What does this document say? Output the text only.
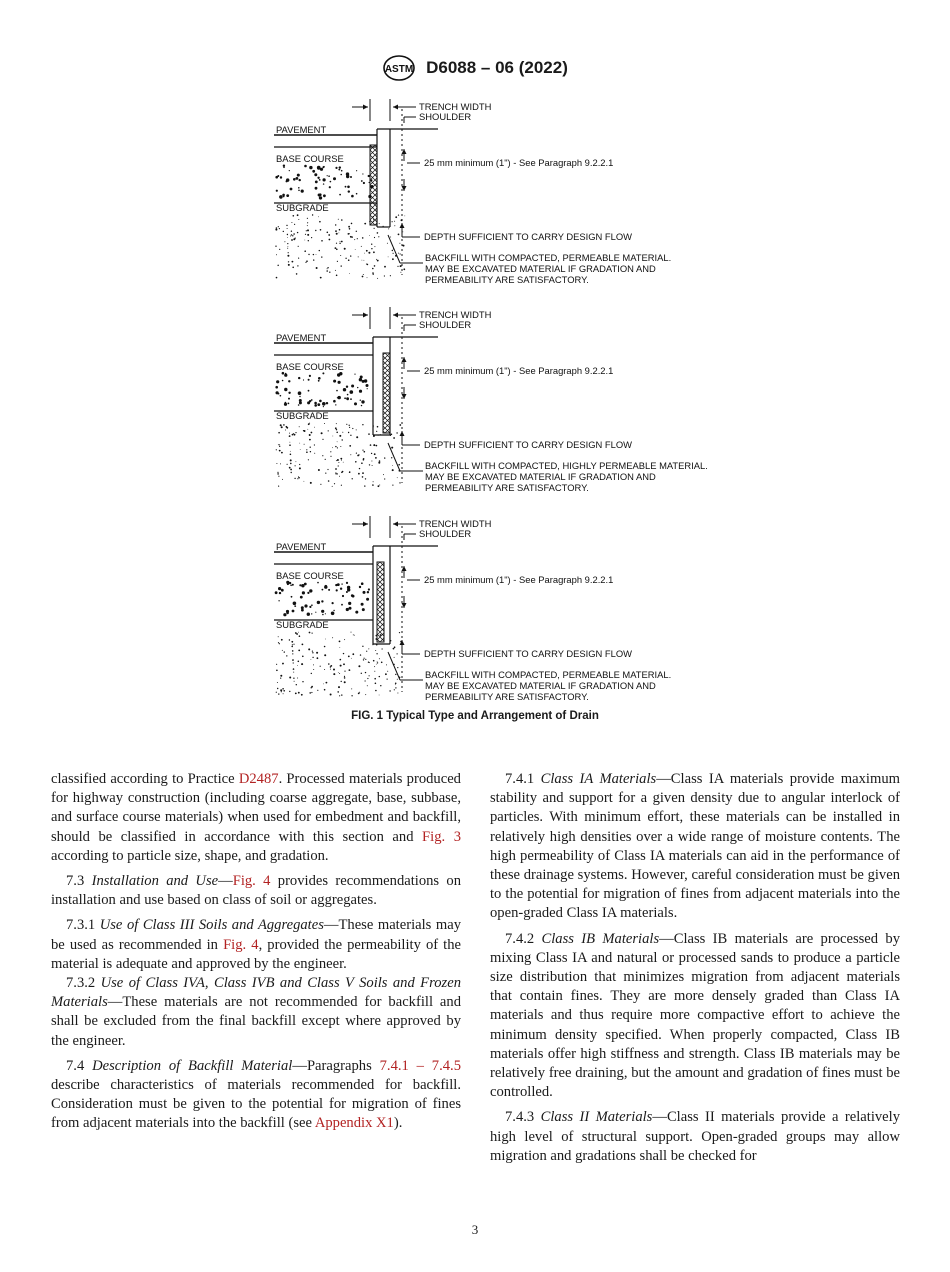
ASTM D6088 – 06 (2022)
TRENCH WIDTH
SHOULDER
25 mm minimum (1") - See Paragraph 9.2.2.1
DEPTH SUFFICIENT TO CARRY DESIGN FLOW
BACKFILL WITH COMPACTED, PERMEABLE MATERIAL.
MAY BE EXCAVATED MATERIAL IF GRADATION AND
PERMEABILITY ARE SATISFACTORY.
PAVEMENT
BASE COURSE
SUBGRADE
TRENCH WIDTH
SHOULDER
25 mm minimum (1") - See Paragraph 9.2.2.1
DEPTH SUFFICIENT TO CARRY DESIGN FLOW
BACKFILL WITH COMPACTED, HIGHLY PERMEABLE MATERIAL.
MAY BE EXCAVATED MATERIAL IF GRADATION AND
PERMEABILITY ARE SATISFACTORY.
PAVEMENT
BASE COURSE
SUBGRADE
TRENCH WIDTH
SHOULDER
25 mm minimum (1") - See Paragraph 9.2.2.1
DEPTH SUFFICIENT TO CARRY DESIGN FLOW
BACKFILL WITH COMPACTED, PERMEABLE MATERIAL.
MAY BE EXCAVATED MATERIAL IF GRADATION AND
PERMEABILITY ARE SATISFACTORY.
PAVEMENT
BASE COURSE
SUBGRADE
FIG. 1 Typical Type and Arrangement of Drain

classified according to Practice D2487. Processed materials produced for highway construction (including coarse aggregate, base, subbase, and surface course materials) when used for embedment and backfill, should be classified in accordance with this section and Fig. 3 according to particle size, shape, and gradation.

7.3 Installation and Use—Fig. 4 provides recommendations on installation and use based on class of soil or aggregates.

7.3.1 Use of Class III Soils and Aggregates—These materials may be used as recommended in Fig. 4, provided the permeability of the material is adequate and approved by the engineer.

7.3.2 Use of Class IVA, Class IVB and Class V Soils and Frozen Materials—These materials are not recommended for backfill and shall be excluded from the final backfill except where approved by the engineer.

7.4 Description of Backfill Material—Paragraphs 7.4.1 – 7.4.5 describe characteristics of materials recommended for backfill. Consideration must be given to the potential for migration of fines from adjacent materials into the backfill (see Appendix X1).

7.4.1 Class IA Materials—Class IA materials provide maximum stability and support for a given density due to angular interlock of particles. With minimum effort, these materials can be installed in relatively high densities over a wide range of moisture contents. The high permeability of Class IA materials can aid in the performance of these drainage systems. However, careful consideration must be given to the potential for migration of fines from adjacent materials into the open-graded Class IA materials.

7.4.2 Class IB Materials—Class IB materials are processed by mixing Class IA and natural or processed sands to produce a particle size distribution that minimizes migration from adjacent materials that contain fines. They are more densely graded than Class IA materials and thus require more compactive effort to achieve the minimum density specified. When properly compacted, Class IB materials offer high stiffness and strength. Class IB materials may be relatively free draining, but the amount and gradation of fines must be controlled.

7.4.3 Class II Materials—Class II materials provide a relatively high level of structural support. Open-graded groups may allow migration and gradations shall be checked for

3
